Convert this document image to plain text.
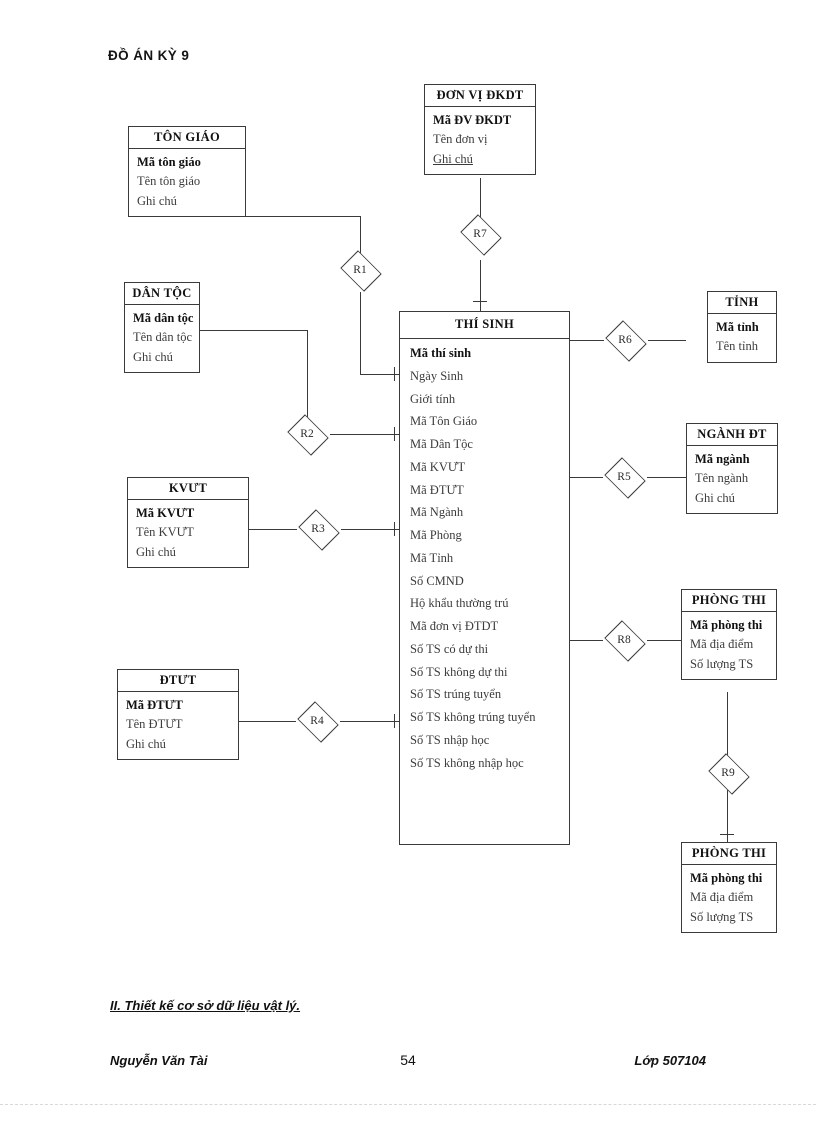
ĐỒ ÁN KỲ 9
ĐƠN VỊ ĐKDT
Mã ĐV ĐKDT
Tên đơn vị
Ghi chú
TÔN GIÁO
Mã tôn giáo
Tên tôn giáo
Ghi chú
DÂN TỘC
Mã dân tộc
Tên dân tộc
Ghi chú
KVƯT
Mã KVƯT
Tên KVƯT
Ghi chú
ĐTƯT
Mã ĐTƯT
Tên ĐTƯT
Ghi chú
THÍ SINH
Mã thí sinh
Ngày Sinh
Giới tính
Mã Tôn Giáo
Mã Dân Tộc
Mã KVƯT
Mã ĐTƯT
Mã Ngành
Mã Phòng
Mã Tỉnh
Số CMND
Hộ khẩu thường trú
Mã đơn vị ĐTDT
Số TS có dự thi
Số TS không dự thi
Số TS trúng tuyển
Số TS không trúng tuyển
Số TS nhập học
Số TS không nhập học
TỈNH
Mã tỉnh
Tên tỉnh
NGÀNH ĐT
Mã ngành
Tên ngành
Ghi chú
PHÒNG THI
Mã phòng thi
Mã địa điểm
Số lượng TS
PHÒNG THI
Mã phòng thi
Mã địa điểm
Số lượng TS
R1
R2
R3
R4
R5
R6
R7
R8
R9
II. Thiết kế cơ sở dữ liệu vật lý.
Nguyễn Văn Tài	54	Lớp 507104
